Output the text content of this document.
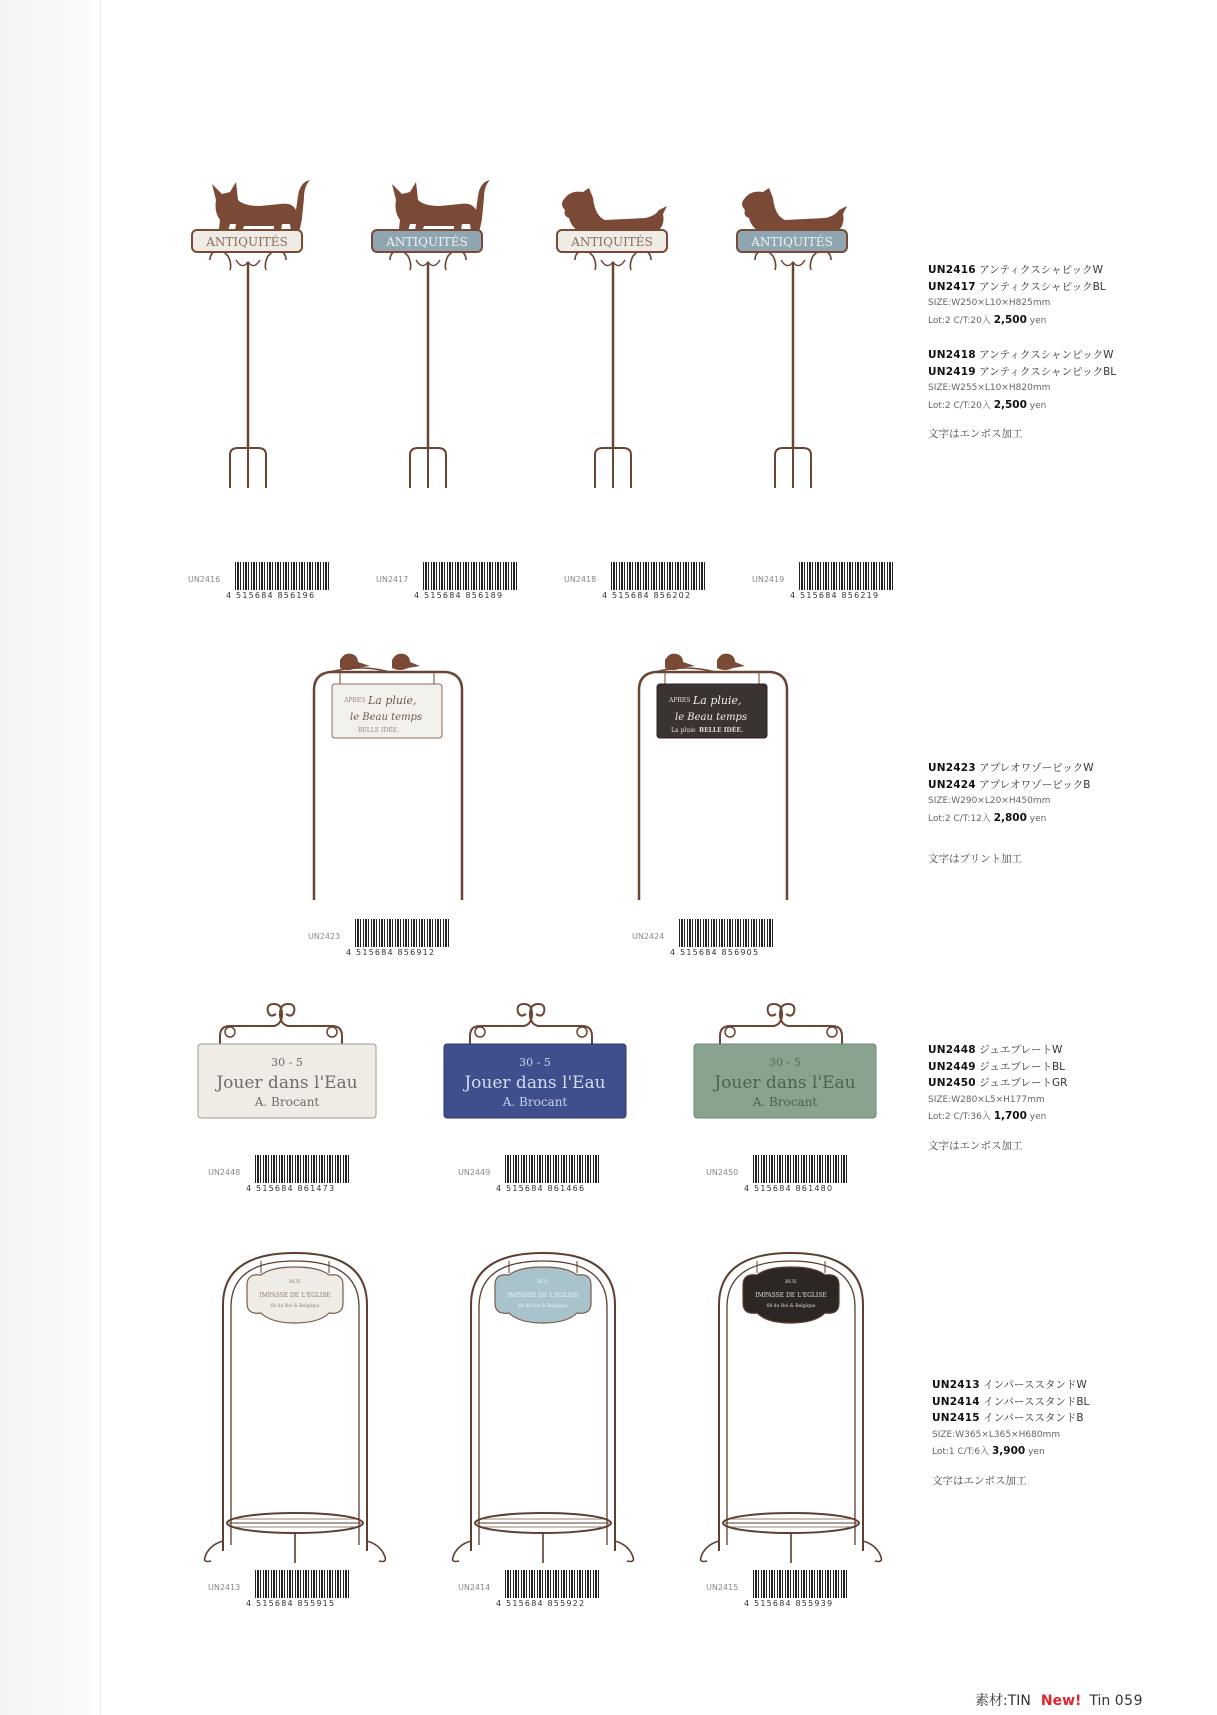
ANTIQUITÉS	ANTIQUITÉS	ANTIQUITÉS	ANTIQUITÉS
UN2416
4 515684 856196
UN2417
4 515684 856189
UN2418
4 515684 856202
UN2419
4 515684 856219
UN2416 アンティクスシャピックW
UN2417 アンティクスシャピックBL
SIZE:W250×L10×H825mm
Lot:2 C/T:20入 2,500 yen
UN2418 アンティクスシャンピックW
UN2419 アンティクスシャンピックBL
SIZE:W255×L10×H820mm
Lot:2 C/T:20入 2,500 yen
文字はエンボス加工
APRES La pluie,
le Beau temps
BELLE IDÉE.
APRES La pluie,
le Beau temps
La pluie BELLE IDÉE.
UN2423
4 515684 856912
UN2424
4 515684 856905
UN2423 アプレオワゾーピックW
UN2424 アプレオワゾーピックB
SIZE:W290×L20×H450mm
Lot:2 C/T:12入 2,800 yen
文字はプリント加工
30 - 5
Jouer dans l'Eau
A. Brocant
30 - 5
Jouer dans l'Eau
A. Brocant
30 - 5
Jouer dans l'Eau
A. Brocant
UN2448
4 515684 861473
UN2449
4 515684 861466
UN2450
4 515684 861480
UN2448 ジュエプレートW
UN2449 ジュエプレートBL
UN2450 ジュエプレートGR
SIZE:W280×L5×H177mm
Lot:2 C/T:36入 1,700 yen
文字はエンボス加工
RUE
IMPASSE DE L'EGLISE
68 du Roi & Belgique
RUE
IMPASSE DE L'EGLISE
68 du Roi & Belgique
RUE
IMPASSE DE L'EGLISE
68 du Roi & Belgique
UN2413
4 515684 855915
UN2414
4 515684 855922
UN2415
4 515684 855939
UN2413 インパーススタンドW
UN2414 インパーススタンドBL
UN2415 インパーススタンドB
SIZE:W365×L365×H680mm
Lot:1 C/T:6入 3,900 yen
文字はエンボス加工
素材:TIN New! Tin 059
